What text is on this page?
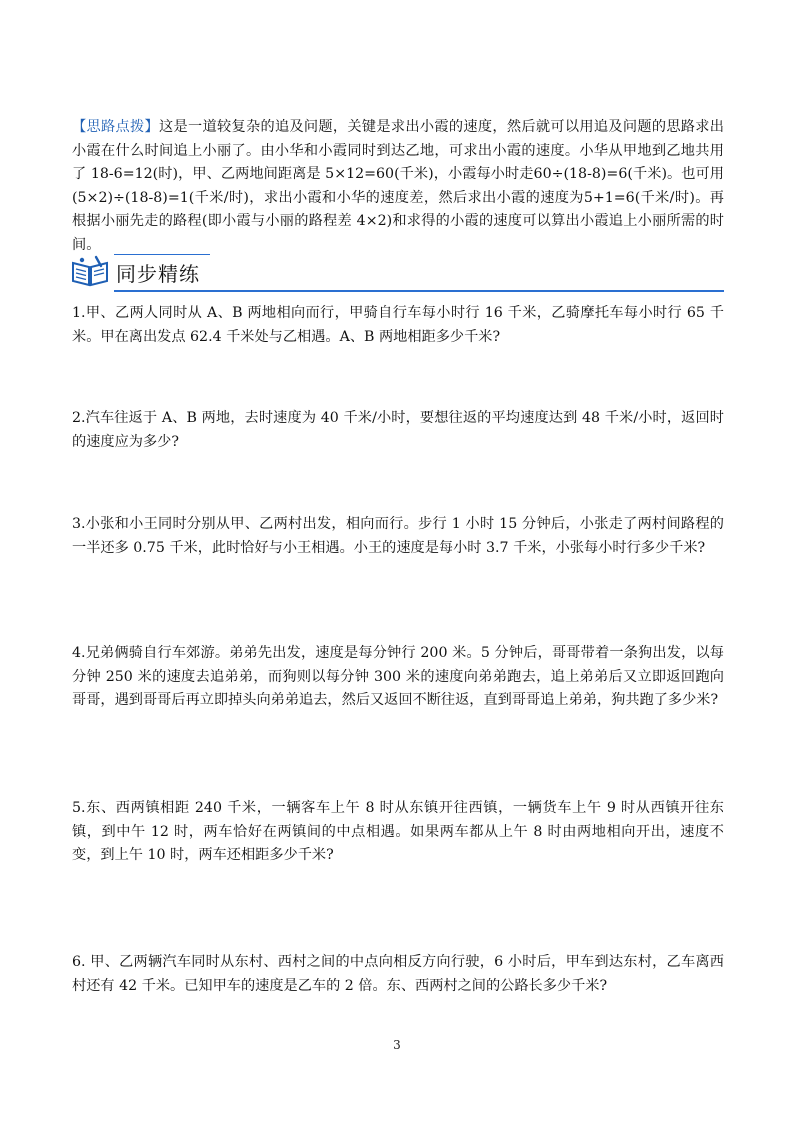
【思路点拨】这是一道较复杂的追及问题，关键是求出小霞的速度，然后就可以用追及问题的思路求出小霞在什么时间追上小丽了。由小华和小霞同时到达乙地，可求出小霞的速度。小华从甲地到乙地共用了 18-6=12(时)，甲、乙两地间距离是 5×12=60(千米)，小霞每小时走60÷(18-8)=6(千米)。也可用(5×2)÷(18-8)=1(千米/时)，求出小霞和小华的速度差，然后求出小霞的速度为5+1=6(千米/时)。再根据小丽先走的路程(即小霞与小丽的路程差 4×2)和求得的小霞的速度可以算出小霞追上小丽所需的时间。
同步精练
1.甲、乙两人同时从 A、B 两地相向而行，甲骑自行车每小时行 16 千米，乙骑摩托车每小时行 65 千米。甲在离出发点 62.4 千米处与乙相遇。A、B 两地相距多少千米?
2.汽车往返于 A、B 两地，去时速度为 40 千米/小时，要想往返的平均速度达到 48 千米/小时，返回时的速度应为多少?
3.小张和小王同时分别从甲、乙两村出发，相向而行。步行 1 小时 15 分钟后，小张走了两村间路程的一半还多 0.75 千米，此时恰好与小王相遇。小王的速度是每小时 3.7 千米，小张每小时行多少千米?
4.兄弟俩骑自行车郊游。弟弟先出发，速度是每分钟行 200 米。5 分钟后，哥哥带着一条狗出发，以每分钟 250 米的速度去追弟弟，而狗则以每分钟 300 米的速度向弟弟跑去，追上弟弟后又立即返回跑向哥哥，遇到哥哥后再立即掉头向弟弟追去，然后又返回不断往返，直到哥哥追上弟弟，狗共跑了多少米?
5.东、西两镇相距 240 千米，一辆客车上午 8 时从东镇开往西镇，一辆货车上午 9 时从西镇开往东镇，到中午 12 时，两车恰好在两镇间的中点相遇。如果两车都从上午 8 时由两地相向开出，速度不变，到上午 10 时，两车还相距多少千米?
6. 甲、乙两辆汽车同时从东村、西村之间的中点向相反方向行驶，6 小时后，甲车到达东村，乙车离西村还有 42 千米。已知甲车的速度是乙车的 2 倍。东、西两村之间的公路长多少千米?
3
